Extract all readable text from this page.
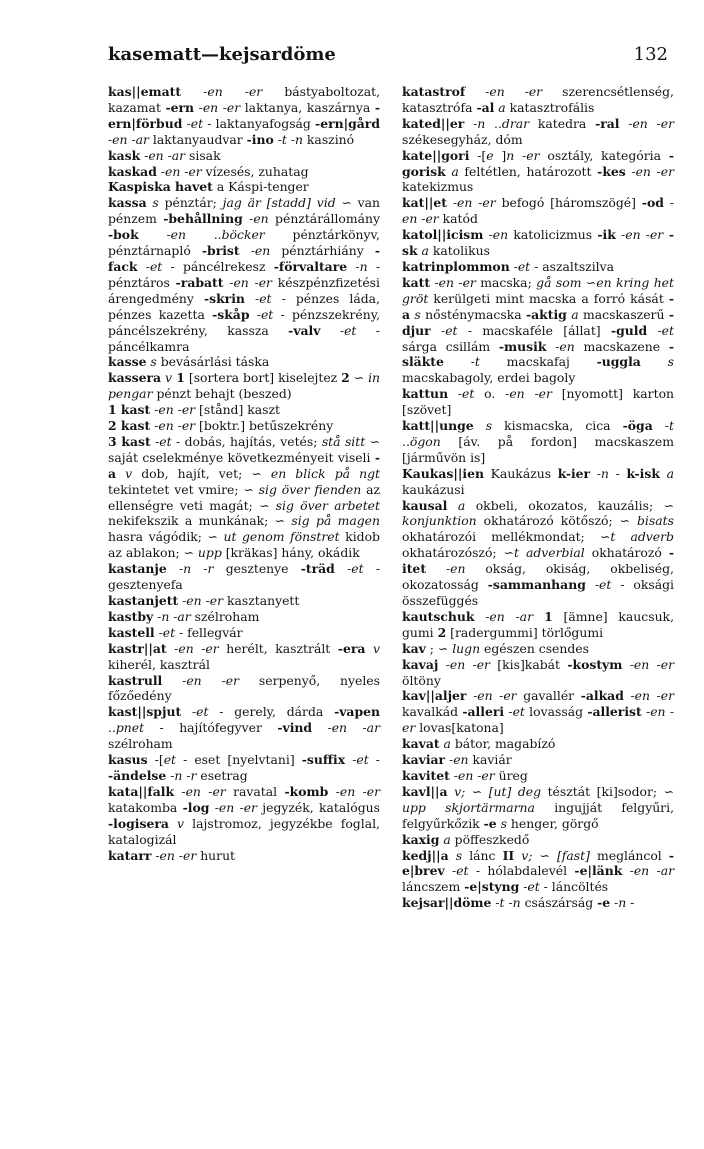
kasematt—kejsardöme	132
kas||ematt -en -er bástyaboltozat, kazamat -ern -en -er laktanya, kaszárnya -ern|förbud -et - laktanyafogság -ern|gård -en -ar laktanyaudvar -ino -t -n kaszinó
kask -en -ar sisak
kaskad -en -er vízesés, zuhatag
Kaspiska havet a Káspi-tenger
kassa s pénztár; jag är [stadd] vid ∽ van pénzem -behållning -en pénztárállomány -bok -en ..böcker pénztárkönyv, pénztárnapló -brist -en pénztárhiány -fack -et - páncélrekesz -förvaltare -n - pénztáros -rabatt -en -er készpénzfizetési árengedmény -skrin -et - pénzes láda, pénzes kazetta -skåp -et - pénzszekrény, páncélszekrény, kassza -valv -et - páncélkamra
kasse s bevásárlási táska
kassera v 1 [sortera bort] kiselejtez 2 ∽ in pengar pénzt behajt (beszed)
1 kast -en -er [stånd] kaszt
2 kast -en -er [boktr.] betűszekrény
3 kast -et - dobás, hajítás, vetés; stå sitt ∽ saját cselekménye következményeit viseli -a v dob, hajít, vet; ∽ en blick på ngt tekintetet vet vmire; ∽ sig över fienden az ellenségre veti magát; ∽ sig över arbetet nekifekszik a munkának; ∽ sig på magen hasra vágódik; ∽ ut genom fönstret kidob az ablakon; ∽ upp [kräkas] hány, okádik
kastanje -n -r gesztenye -träd -et - gesztenyefa
kastanjett -en -er kasztanyett
kastby -n -ar szélroham
kastell -et - fellegvár
kastr||at -en -er herélt, kasztrált -era v kiherél, kasztrál
kastrull -en -er serpenyő, nyeles főzőedény
kast||spjut -et - gerely, dárda -vapen ..pnet - hajítófegyver -vind -en -ar szélroham
kasus -[et - eset [nyelvtani] -suffix -et - -ändelse -n -r esetrag
kata||falk -en -er ravatal -komb -en -er katakomba -log -en -er jegyzék, katalógus -logisera v lajstromoz, jegyzékbe foglal, katalogizál
katarr -en -er hurut
katastrof -en -er szerencsétlenség, katasztrófa -al a katasztrofális
kated||er -n ..drar katedra -ral -en -er székesegyház, dóm
kate||gori -[e ]n -er osztály, kategória -gorisk a feltétlen, határozott -kes -en -er katekizmus
kat||et -en -er befogó [háromszögé] -od -en -er katód
katol||icism -en katolicizmus -ik -en -er -sk a katolikus
katrinplommon -et - aszaltszilva
katt -en -er macska; gå som ∽en kring het gröt kerülgeti mint macska a forró kását -a s nősténymacska -aktig a macskaszerű -djur -et - macskaféle [állat] -guld -et sárga csillám -musik -en macskazene -släkte -t macskafaj -uggla s macskabagoly, erdei bagoly
kattun -et o. -en -er [nyomott] karton [szövet]
katt||unge s kismacska, cica -öga -t ..ögon [áv. på fordon] macskaszem [járművön is]
Kaukas||ien Kaukázus k-ier -n - k-isk a kaukázusi
kausal a okbeli, okozatos, kauzális; ∽ konjunktion okhatározó kötőszó; ∽ bisats okhatározói mellékmondat; ∽t adverb okhatározószó; ∽t adverbial okhatározó -itet -en okság, okiság, okbeliség, okozatosság -sammanhang -et - oksági összefüggés
kautschuk -en -ar 1 [ämne] kaucsuk, gumi 2 [radergummi] törlőgumi
kav ; ∽ lugn egészen csendes
kavaj -en -er [kis]kabát -kostym -en -er öltöny
kav||aljer -en -er gavallér -alkad -en -er kavalkád -alleri -et lovasság -allerist -en -er lovas[katona]
kavat a bátor, magabízó
kaviar -en kaviár
kavitet -en -er üreg
kavl||a v; ∽ [ut] deg tésztát [ki]sodor; ∽ upp skjortärmarna ingujját felgyűri, felgyűrkőzik -e s henger, görgő
kaxig a pöffeszkedő
kedj||a s lánc II v; ∽ [fast] megláncol -e|brev -et - hólabdalevél -e|länk -en -ar láncszem -e|styng -et - láncöltés
kejsar||döme -t -n császárság -e -n -
